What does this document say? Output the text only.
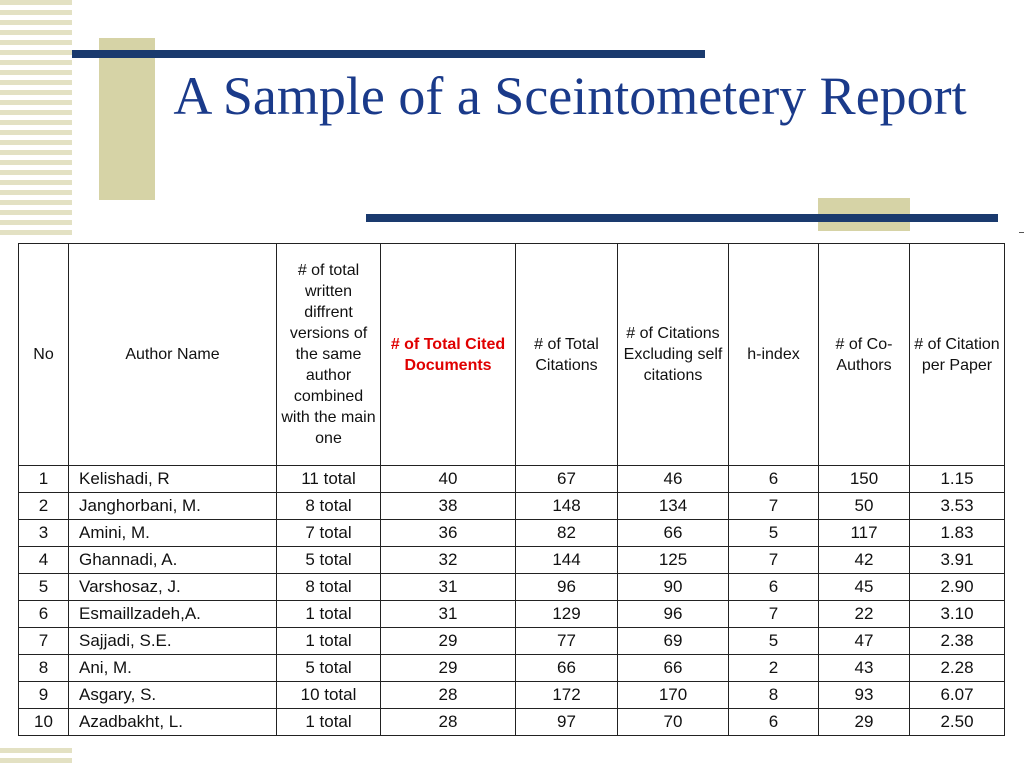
A Sample of a Sceintometery Report
No	Author Name	# of total written diffrent versions of the same author combined with the main one	# of Total Cited Documents	# of Total Citations	# of Citations Excluding self citations	h-index	# of Co-Authors	# of Citation per Paper
1	Kelishadi, R	11 total	40	67	46	6	150	1.15
2	Janghorbani, M.	8 total	38	148	134	7	50	3.53
3	Amini, M.	7 total	36	82	66	5	117	1.83
4	Ghannadi, A.	5 total	32	144	125	7	42	3.91
5	Varshosaz, J.	8 total	31	96	90	6	45	2.90
6	Esmaillzadeh,A.	1 total	31	129	96	7	22	3.10
7	Sajjadi, S.E.	1 total	29	77	69	5	47	2.38
8	Ani, M.	5 total	29	66	66	2	43	2.28
9	Asgary, S.	10 total	28	172	170	8	93	6.07
10	Azadbakht, L.	1 total	28	97	70	6	29	2.50
